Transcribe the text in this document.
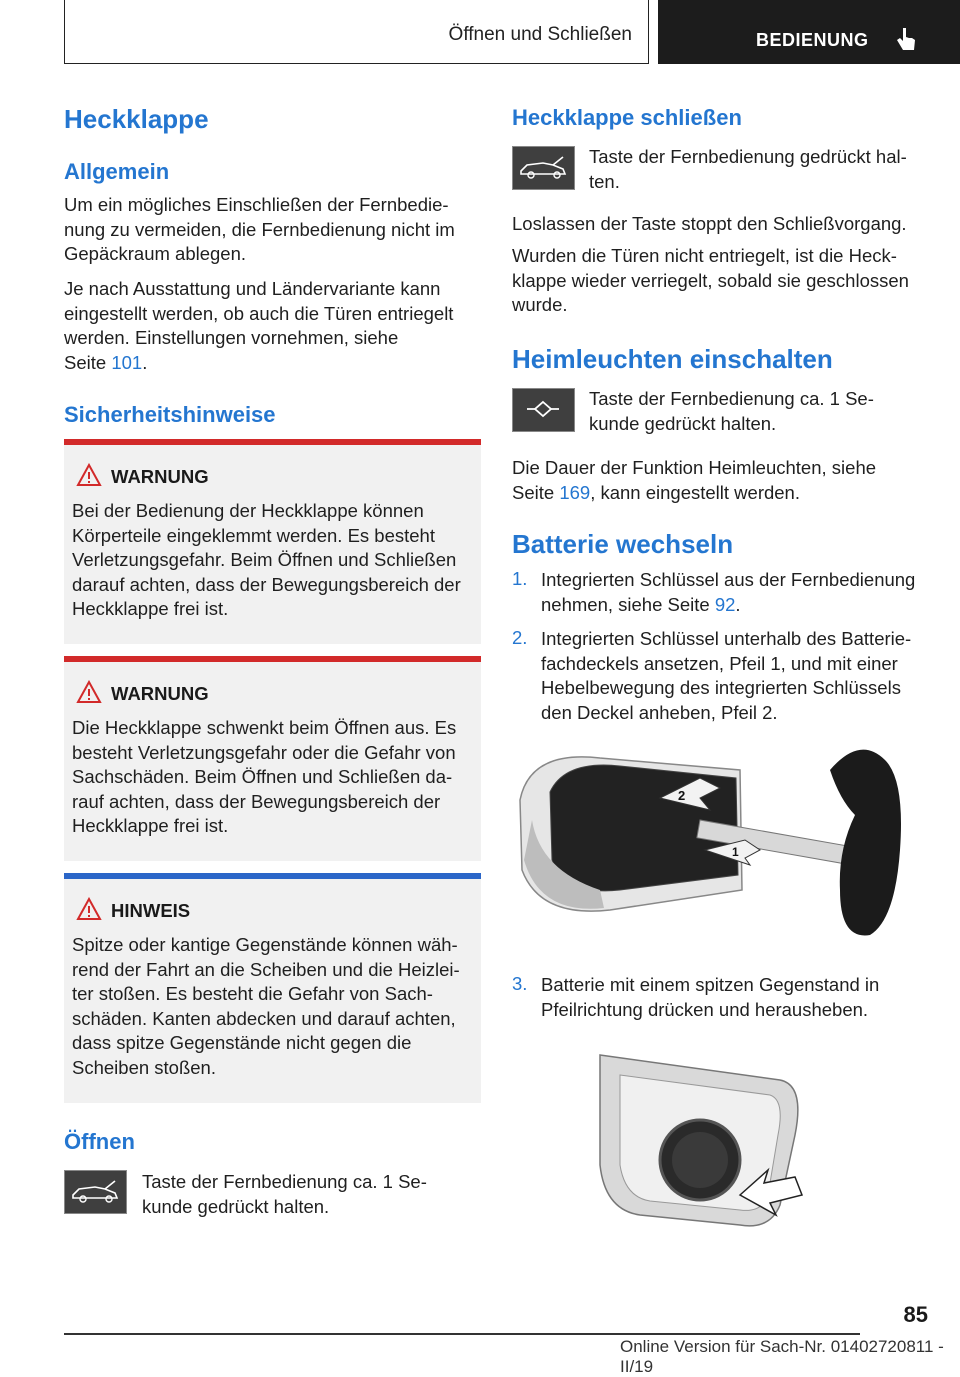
Öffnen und Schließen	BEDIENUNG
Heckklappe
Allgemein
Um ein mögliches Einschließen der Fernbedie-
nung zu vermeiden, die Fernbedienung nicht im
Gepäckraum ablegen.
Je nach Ausstattung und Ländervariante kann
eingestellt werden, ob auch die Türen entriegelt
werden. Einstellungen vornehmen, siehe
Seite 101.
Sicherheitshinweise
WARNUNG
Bei der Bedienung der Heckklappe können
Körperteile eingeklemmt werden. Es besteht
Verletzungsgefahr. Beim Öffnen und Schließen
darauf achten, dass der Bewegungsbereich der
Heckklappe frei ist.
WARNUNG
Die Heckklappe schwenkt beim Öffnen aus. Es
besteht Verletzungsgefahr oder die Gefahr von
Sachschäden. Beim Öffnen und Schließen da-
rauf achten, dass der Bewegungsbereich der
Heckklappe frei ist.
HINWEIS
Spitze oder kantige Gegenstände können wäh-
rend der Fahrt an die Scheiben und die Heizlei-
ter stoßen. Es besteht die Gefahr von Sach-
schäden. Kanten abdecken und darauf achten,
dass spitze Gegenstände nicht gegen die
Scheiben stoßen.
Öffnen
Taste der Fernbedienung ca. 1 Se-
kunde gedrückt halten.
Heckklappe schließen
Taste der Fernbedienung gedrückt hal-
ten.
Loslassen der Taste stoppt den Schließvorgang.
Wurden die Türen nicht entriegelt, ist die Heck-
klappe wieder verriegelt, sobald sie geschlossen
wurde.
Heimleuchten einschalten
Taste der Fernbedienung ca. 1 Se-
kunde gedrückt halten.
Die Dauer der Funktion Heimleuchten, siehe
Seite 169, kann eingestellt werden.
Batterie wechseln
1. Integrierten Schlüssel aus der Fernbedienung
nehmen, siehe Seite 92.
2. Integrierten Schlüssel unterhalb des Batterie-
fachdeckels ansetzen, Pfeil 1, und mit einer
Hebelbewegung des integrierten Schlüssels
den Deckel anheben, Pfeil 2.
2
1
3. Batterie mit einem spitzen Gegenstand in
Pfeilrichtung drücken und herausheben.
85
Online Version für Sach-Nr. 01402720811 - II/19
